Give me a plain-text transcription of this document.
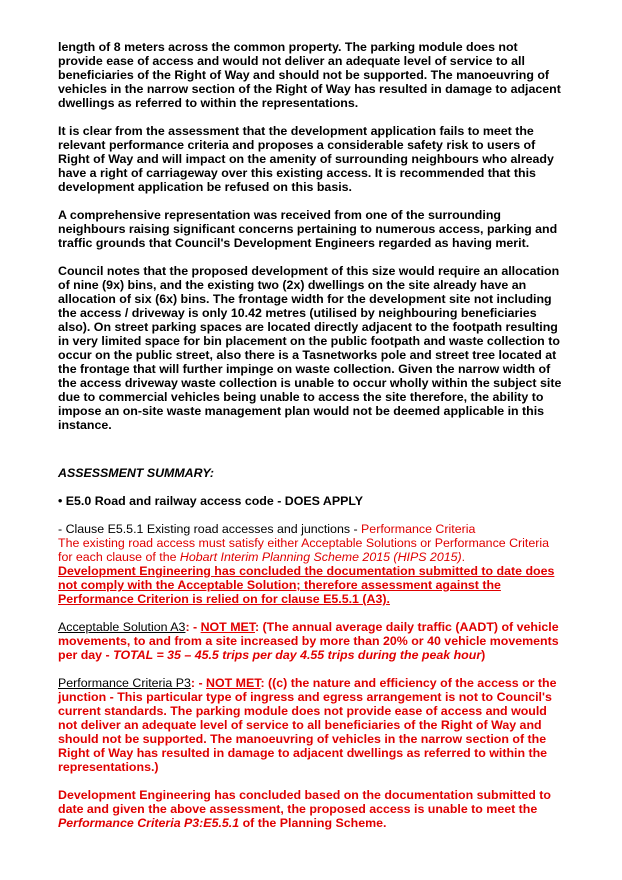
length of 8 meters across the common property. The parking module does not provide ease of access and would not deliver an adequate level of service to all beneficiaries of the Right of Way and should not be supported. The manoeuvring of vehicles in the narrow section of the Right of Way has resulted in damage to adjacent dwellings as referred to within the representations.

It is clear from the assessment that the development application fails to meet the relevant performance criteria and proposes a considerable safety risk to users of Right of Way and will impact on the amenity of surrounding neighbours who already have a right of carriageway over this existing access. It is recommended that this development application be refused on this basis.

A comprehensive representation was received from one of the surrounding neighbours raising significant concerns pertaining to numerous access, parking and traffic grounds that Council's Development Engineers regarded as having merit.

Council notes that the proposed development of this size would require an allocation of nine (9x) bins, and the existing two (2x) dwellings on the site already have an allocation of six (6x) bins. The frontage width for the development site not including the access / driveway is only 10.42 metres (utilised by neighbouring beneficiaries also). On street parking spaces are located directly adjacent to the footpath resulting in very limited space for bin placement on the public footpath and waste collection to occur on the public street, also there is a Tasnetworks pole and street tree located at the frontage that will further impinge on waste collection. Given the narrow width of the access driveway waste collection is unable to occur wholly within the subject site due to commercial vehicles being unable to access the site therefore, the ability to impose an on-site waste management plan would not be deemed applicable in this instance.

ASSESSMENT SUMMARY:

• E5.0 Road and railway access code - DOES APPLY

- Clause E5.5.1 Existing road accesses and junctions - Performance Criteria

The existing road access must satisfy either Acceptable Solutions or Performance Criteria for each clause of the Hobart Interim Planning Scheme 2015 (HIPS 2015).

Development Engineering has concluded the documentation submitted to date does not comply with the Acceptable Solution; therefore assessment against the Performance Criterion is relied on for clause E5.5.1 (A3).

Acceptable Solution A3: - NOT MET: (The annual average daily traffic (AADT) of vehicle movements, to and from a site increased by more than 20% or 40 vehicle movements per day - TOTAL = 35 – 45.5 trips per day 4.55 trips during the peak hour)

Performance Criteria P3: - NOT MET: ((c) the nature and efficiency of the access or the junction - This particular type of ingress and egress arrangement is not to Council's current standards. The parking module does not provide ease of access and would not deliver an adequate level of service to all beneficiaries of the Right of Way and should not be supported. The manoeuvring of vehicles in the narrow section of the Right of Way has resulted in damage to adjacent dwellings as referred to within the representations.)

Development Engineering has concluded based on the documentation submitted to date and given the above assessment, the proposed access is unable to meet the Performance Criteria P3:E5.5.1 of the Planning Scheme.
